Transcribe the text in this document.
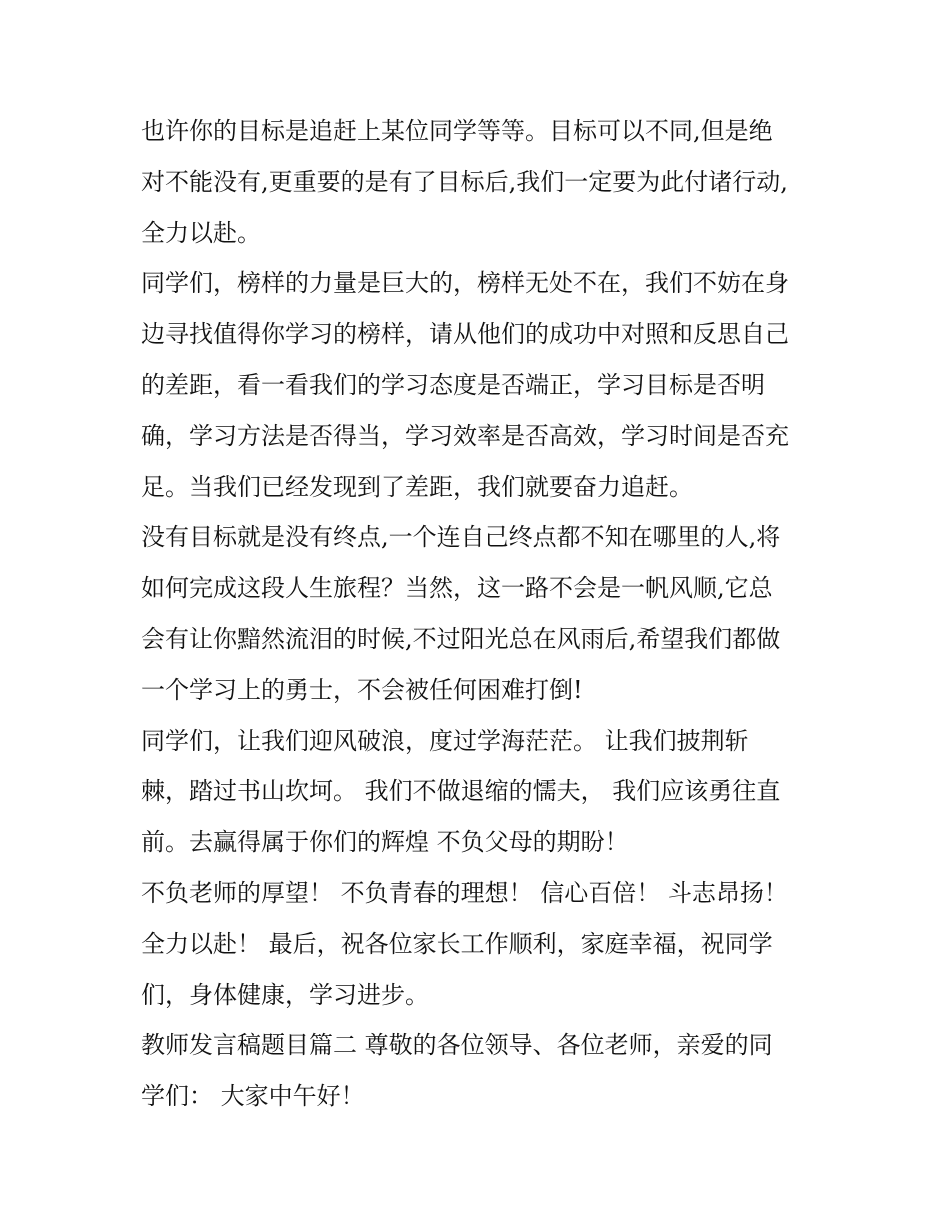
也许你的目标是追赶上某位同学等等。目标可以不同,但是绝
对不能没有,更重要的是有了目标后,我们一定要为此付诸行动,
全力以赴。
同学们，榜样的力量是巨大的，榜样无处不在，我们不妨在身
边寻找值得你学习的榜样，请从他们的成功中对照和反思自己
的差距，看一看我们的学习态度是否端正，学习目标是否明
确，学习方法是否得当，学习效率是否高效，学习时间是否充
足。当我们已经发现到了差距，我们就要奋力追赶。
没有目标就是没有终点,一个连自己终点都不知在哪里的人,将
如何完成这段人生旅程？当然，这一路不会是一帆风顺,它总
会有让你黯然流泪的时候,不过阳光总在风雨后,希望我们都做
一个学习上的勇士，不会被任何困难打倒!
同学们，让我们迎风破浪，度过学海茫茫。 让我们披荆斩
棘，踏过书山坎坷。 我们不做退缩的懦夫， 我们应该勇往直
前。去赢得属于你们的辉煌 不负父母的期盼！
不负老师的厚望！ 不负青春的理想！ 信心百倍！ 斗志昂扬！
全力以赴！ 最后，祝各位家长工作顺利，家庭幸福，祝同学
们，身体健康，学习进步。
教师发言稿题目篇二 尊敬的各位领导、各位老师，亲爱的同
学们： 大家中午好！
